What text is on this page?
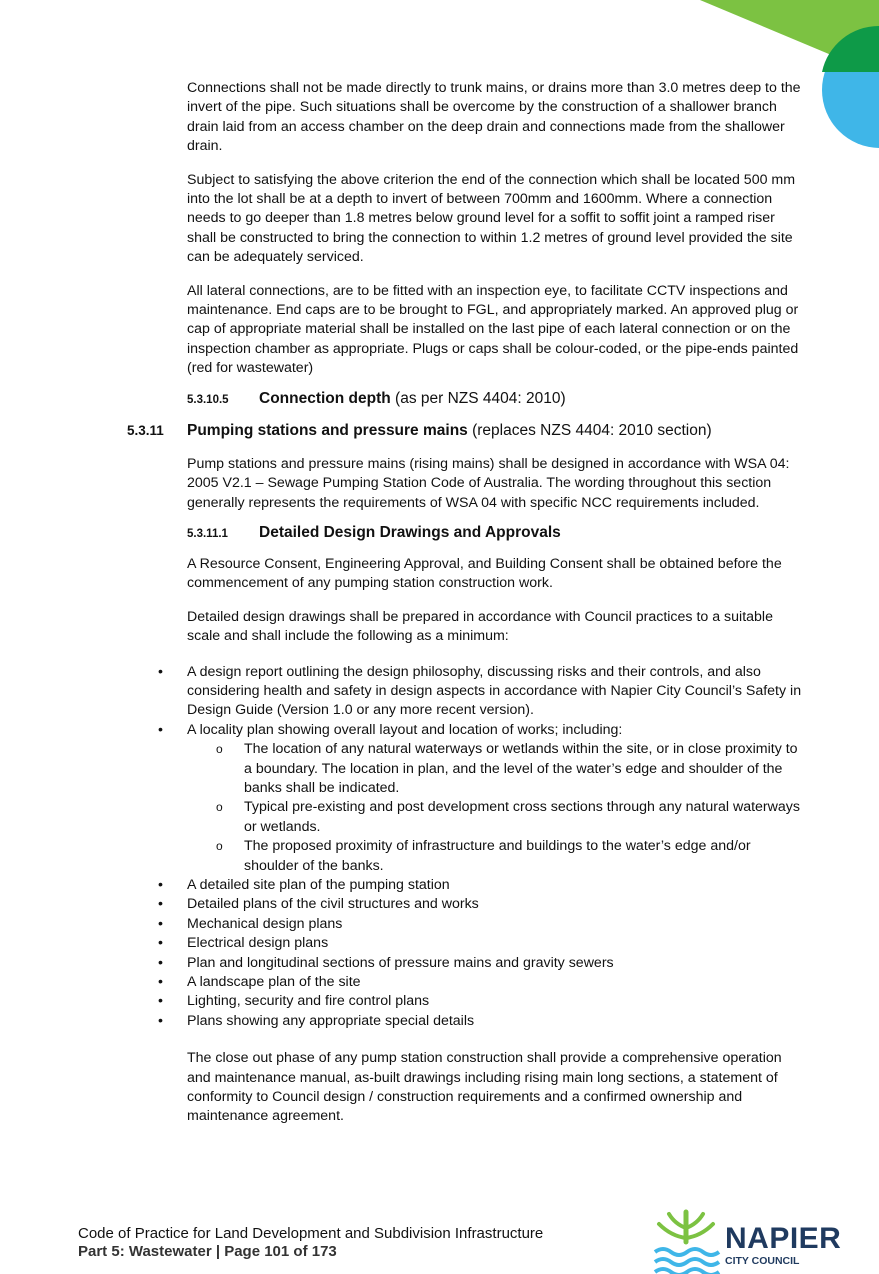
Connections shall not be made directly to trunk mains, or drains more than 3.0 metres deep to the invert of the pipe. Such situations shall be overcome by the construction of a shallower branch drain laid from an access chamber on the deep drain and connections made from the shallower drain.

Subject to satisfying the above criterion the end of the connection which shall be located 500 mm into the lot shall be at a depth to invert of between 700mm and 1600mm. Where a connection needs to go deeper than 1.8 metres below ground level for a soffit to soffit joint a ramped riser shall be constructed to bring the connection to within 1.2 metres of ground level provided the site can be adequately serviced.

All lateral connections, are to be fitted with an inspection eye, to facilitate CCTV inspections and maintenance. End caps are to be brought to FGL, and appropriately marked. An approved plug or cap of appropriate material shall be installed on the last pipe of each lateral connection or on the inspection chamber as appropriate. Plugs or caps shall be colour-coded, or the pipe-ends painted (red for wastewater)

5.3.10.5 Connection depth (as per NZS 4404: 2010)
5.3.11 Pumping stations and pressure mains (replaces NZS 4404: 2010 section)

Pump stations and pressure mains (rising mains) shall be designed in accordance with WSA 04: 2005 V2.1 – Sewage Pumping Station Code of Australia. The wording throughout this section generally represents the requirements of WSA 04 with specific NCC requirements included.

5.3.11.1 Detailed Design Drawings and Approvals

A Resource Consent, Engineering Approval, and Building Consent shall be obtained before the commencement of any pumping station construction work.

Detailed design drawings shall be prepared in accordance with Council practices to a suitable scale and shall include the following as a minimum:

• A design report outlining the design philosophy, discussing risks and their controls, and also considering health and safety in design aspects in accordance with Napier City Council’s Safety in Design Guide (Version 1.0 or any more recent version).
• A locality plan showing overall layout and location of works; including:
o The location of any natural waterways or wetlands within the site, or in close proximity to a boundary. The location in plan, and the level of the water’s edge and shoulder of the banks shall be indicated.
o Typical pre-existing and post development cross sections through any natural waterways or wetlands.
o The proposed proximity of infrastructure and buildings to the water’s edge and/or shoulder of the banks.
• A detailed site plan of the pumping station
• Detailed plans of the civil structures and works
• Mechanical design plans
• Electrical design plans
• Plan and longitudinal sections of pressure mains and gravity sewers
• A landscape plan of the site
• Lighting, security and fire control plans
• Plans showing any appropriate special details

The close out phase of any pump station construction shall provide a comprehensive operation and maintenance manual, as-built drawings including rising main long sections, a statement of conformity to Council design / construction requirements and a confirmed ownership and maintenance agreement.

Code of Practice for Land Development and Subdivision Infrastructure
Part 5: Wastewater | Page 101 of 173	NAPIER
CITY COUNCIL
